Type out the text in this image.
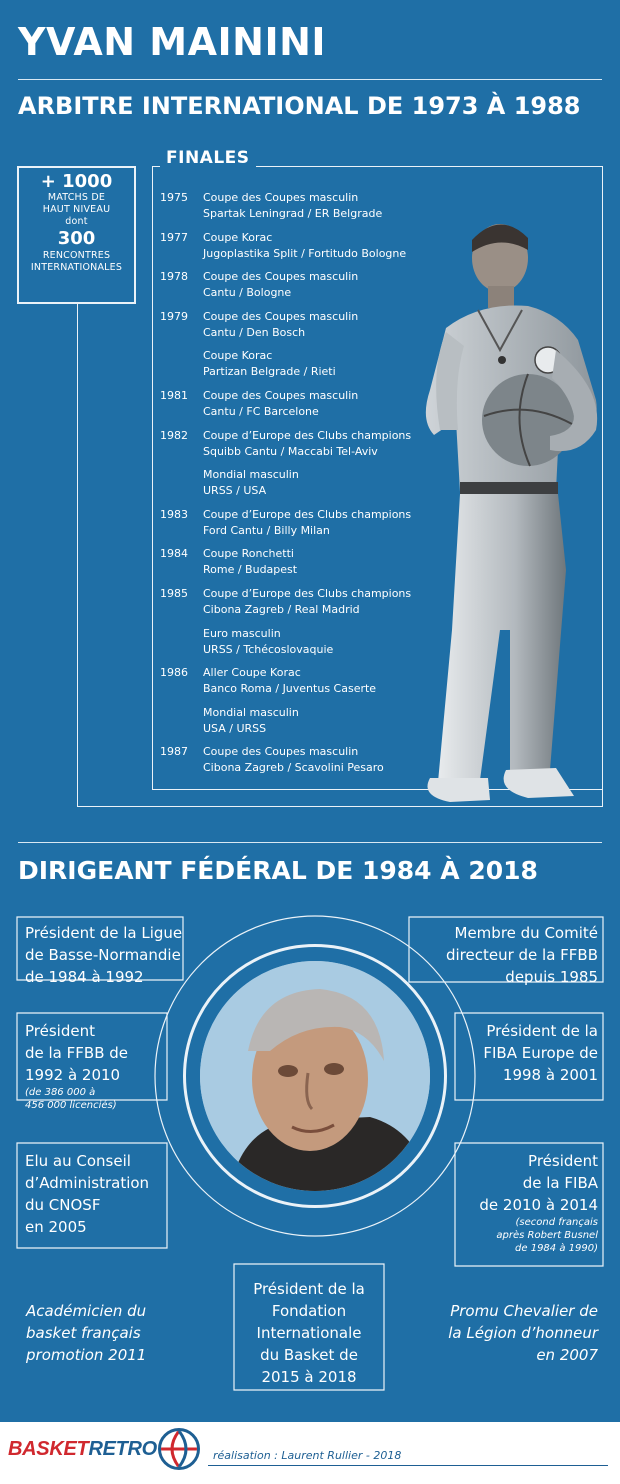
YVAN MAININI
ARBITRE INTERNATIONAL DE 1973 À 1988
+ 1000
MATCHS DE
HAUT NIVEAU
dont
300
RENCONTRES
INTERNATIONALES
FINALES
1975	Coupe des Coupes masculin
Spartak Leningrad / ER Belgrade
1977	Coupe Korac
Jugoplastika Split / Fortitudo Bologne
1978	Coupe des Coupes masculin
Cantu / Bologne
1979	Coupe des Coupes masculin
Cantu / Den Bosch
Coupe Korac
Partizan Belgrade / Rieti
1981	Coupe des Coupes masculin
Cantu / FC Barcelone
1982	Coupe d’Europe des Clubs champions
Squibb Cantu / Maccabi Tel-Aviv
Mondial masculin
URSS / USA
1983	Coupe d’Europe des Clubs champions
Ford Cantu / Billy Milan
1984	Coupe Ronchetti
Rome / Budapest
1985	Coupe d’Europe des Clubs champions
Cibona Zagreb / Real Madrid
Euro masculin
URSS / Tchécoslovaquie
1986	Aller Coupe Korac
Banco Roma / Juventus Caserte
Mondial masculin
USA / URSS
1987	Coupe des Coupes masculin
Cibona Zagreb / Scavolini Pesaro
DIRIGEANT FÉDÉRAL DE 1984 À 2018
Président de la Ligue
de Basse-Normandie
de 1984 à 1992
Membre du Comité
directeur de la FFBB
depuis 1985
Président
de la FFBB de
1992 à 2010
(de 386 000 à
456 000 licenciés)
Président de la
FIBA Europe de
1998 à 2001
Elu au Conseil
d’Administration
du CNOSF
en 2005
Président
de la FIBA
de 2010 à 2014
(second français
après Robert Busnel
de 1984 à 1990)
Académicien du
basket français
promotion 2011
Président de la
Fondation
Internationale
du Basket de
2015 à 2018
Promu Chevalier de
la Légion d’honneur
en 2007
BASKETRETRO	réalisation : Laurent Rullier - 2018
